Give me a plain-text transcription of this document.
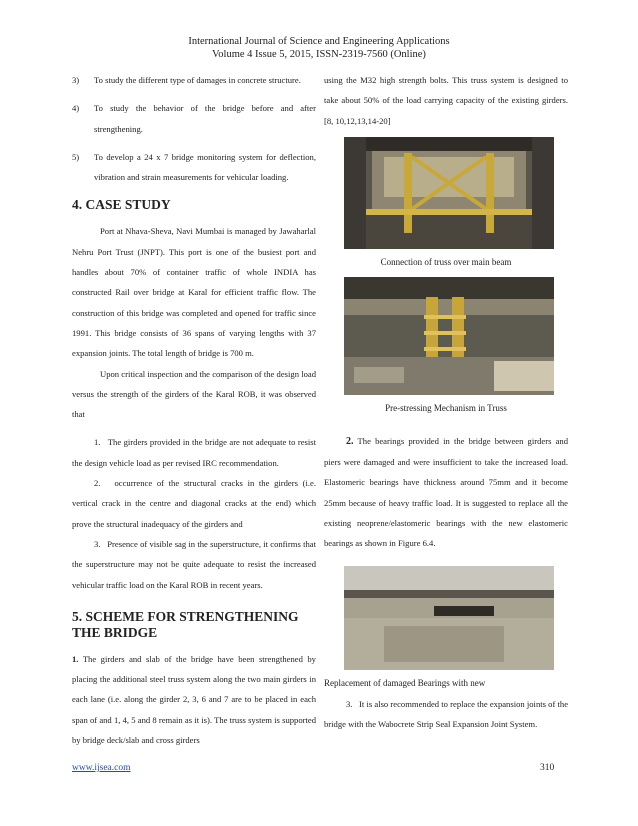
International Journal of Science and Engineering Applications
Volume 4 Issue 5, 2015, ISSN-2319-7560 (Online)
3) To study the different type of damages in concrete structure.
4) To study the behavior of the bridge before and after strengthening.
5) To develop a 24 x 7 bridge monitoring system for deflection, vibration and strain measurements for vehicular loading.
4. CASE STUDY

Port at Nhava-Sheva, Navi Mumbai is managed by Jawaharlal Nehru Port Trust (JNPT). This port is one of the busiest port and handles about 70% of container traffic of whole INDIA has constructed Rail over bridge at Karal for efficient traffic flow. The construction of this bridge was completed and opened for traffic since 1991. This bridge consists of 36 spans of varying lengths with 37 expansion joints. The total length of bridge is 700 m.

Upon critical inspection and the comparison of the design load versus the strength of the girders of the Karal ROB, it was observed that

1. The girders provided in the bridge are not adequate to resist the design vehicle load as per revised IRC recommendation.

2. occurrence of the structural cracks in the girders (i.e. vertical crack in the centre and diagonal cracks at the end) which prove the structural inadequacy of the girders and

3. Presence of visible sag in the superstructure, it confirms that the superstructure may not be quite adequate to resist the increased vehicular traffic load on the Karal ROB in recent years.

5. SCHEME FOR STRENGTHENING
THE BRIDGE

1. The girders and slab of the bridge have been strengthened by placing the additional steel truss system along the two main girders in each lane (i.e. along the girder 2, 3, 6 and 7 are to be placed in each span of and 1, 4, 5 and 8 remain as it is). The truss system is supported by bridge deck/slab and cross girders

using the M32 high strength bolts. This truss system is designed to take about 50% of the load carrying capacity of the existing girders. [8, 10,12,13,14-20]

Connection of truss over main beam
Pre-stressing Mechanism in Truss

2. The bearings provided in the bridge between girders and piers were damaged and were insufficient to take the increased load. Elastomeric bearings have thickness around 75mm and it become 25mm because of heavy traffic load. It is suggested to replace all the existing neoprene/elastomeric bearings with the new elastomeric bearings as shown in Figure 6.4.

Replacement of damaged Bearings with new

3. It is also recommended to replace the expansion joints of the bridge with the Wabocrete Strip Seal Expansion Joint System.

www.ijsea.com	310
